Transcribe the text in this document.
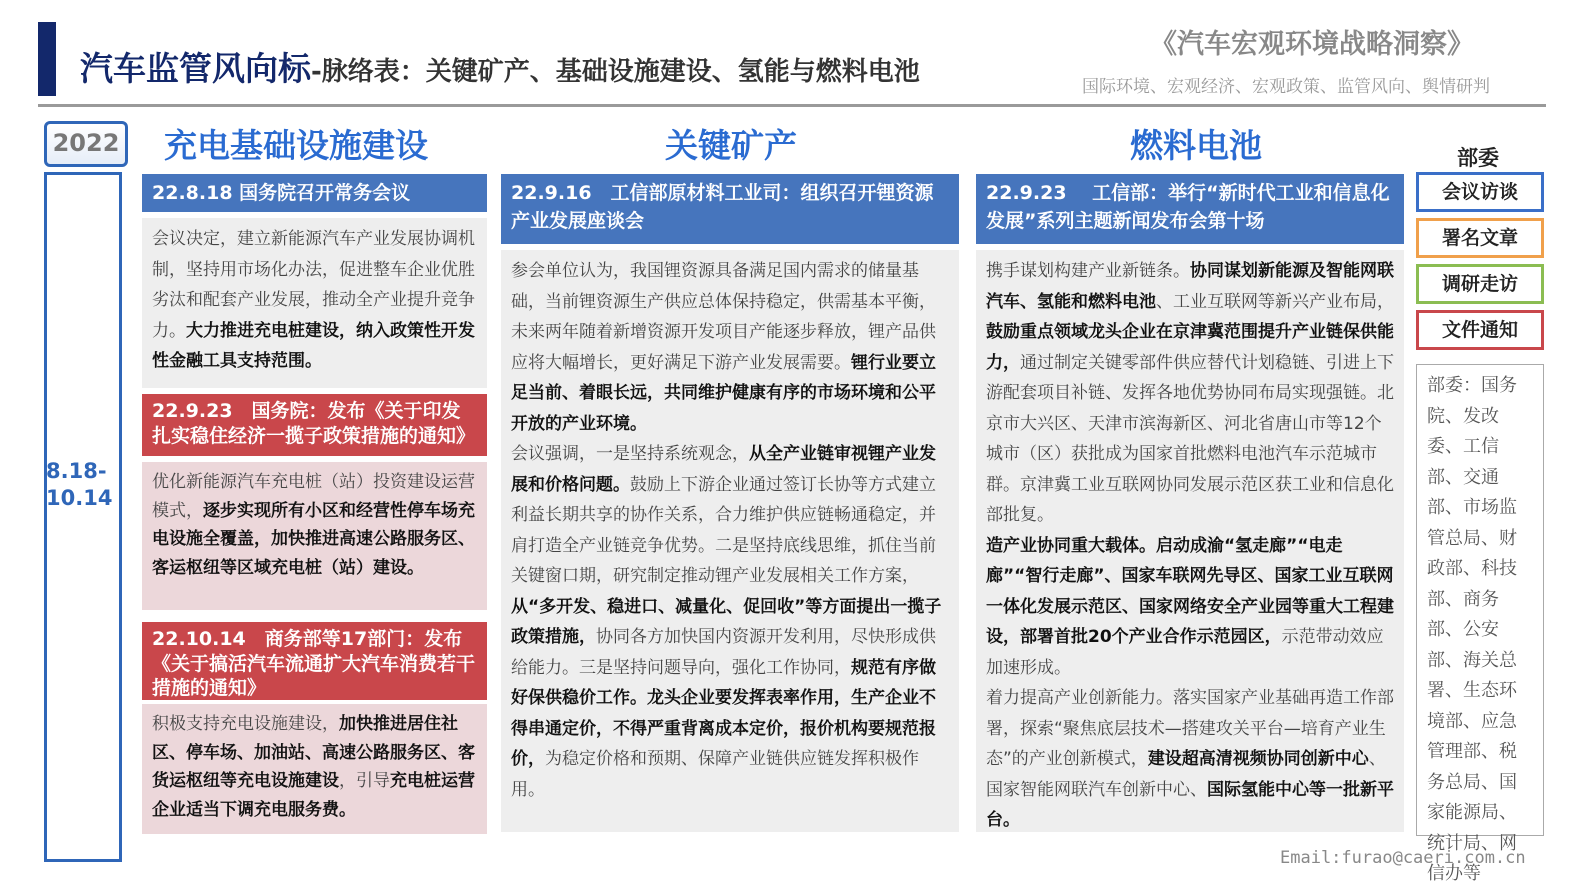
汽车监管风向标-脉络表：关键矿产、基础设施建设、氢能与燃料电池
《汽车宏观环境战略洞察》
国际环境、宏观经济、宏观政策、监管风向、舆情研判
2022
8.18-10.14
充电基础设施建设
22.8.18 国务院召开常务会议

会议决定，建立新能源汽车产业发展协调机制，坚持用市场化办法，促进整车企业优胜劣汰和配套产业发展，推动全产业提升竞争力。大力推进充电桩建设，纳入政策性开发性金融工具支持范围。

22.9.23　国务院：发布《关于印发扎实稳住经济一揽子政策措施的通知》

优化新能源汽车充电桩（站）投资建设运营模式，逐步实现所有小区和经营性停车场充电设施全覆盖，加快推进高速公路服务区、客运枢纽等区域充电桩（站）建设。

22.10.14　商务部等17部门：发布《关于搞活汽车流通扩大汽车消费若干措施的通知》

积极支持充电设施建设，加快推进居住社区、停车场、加油站、高速公路服务区、客货运枢纽等充电设施建设，引导充电桩运营企业适当下调充电服务费。

关键矿产
22.9.16　工信部原材料工业司：组织召开锂资源产业发展座谈会

参会单位认为，我国锂资源具备满足国内需求的储量基础，当前锂资源生产供应总体保持稳定，供需基本平衡，未来两年随着新增资源开发项目产能逐步释放，锂产品供应将大幅增长，更好满足下游产业发展需要。锂行业要立足当前、着眼长远，共同维护健康有序的市场环境和公平开放的产业环境。

会议强调，一是坚持系统观念，从全产业链审视锂产业发展和价格问题。鼓励上下游企业通过签订长协等方式建立利益长期共享的协作关系，合力维护供应链畅通稳定，并肩打造全产业链竞争优势。二是坚持底线思维，抓住当前关键窗口期，研究制定推动锂产业发展相关工作方案，从“多开发、稳进口、减量化、促回收”等方面提出一揽子政策措施，协同各方加快国内资源开发利用，尽快形成供给能力。三是坚持问题导向，强化工作协同，规范有序做好保供稳价工作。龙头企业要发挥表率作用，生产企业不得串通定价，不得严重背离成本定价，报价机构要规范报价，为稳定价格和预期、保障产业链供应链发挥积极作用。

燃料电池
22.9.23　 工信部：举行“新时代工业和信息化发展”系列主题新闻发布会第十场

携手谋划构建产业新链条。协同谋划新能源及智能网联汽车、氢能和燃料电池、工业互联网等新兴产业布局，鼓励重点领域龙头企业在京津冀范围提升产业链保供能力，通过制定关键零部件供应替代计划稳链、引进上下游配套项目补链、发挥各地优势协同布局实现强链。北京市大兴区、天津市滨海新区、河北省唐山市等12个城市（区）获批成为国家首批燃料电池汽车示范城市群。京津冀工业互联网协同发展示范区获工业和信息化部批复。

造产业协同重大载体。启动成渝“氢走廊”“电走廊”“智行走廊”、国家车联网先导区、国家工业互联网一体化发展示范区、国家网络安全产业园等重大工程建设，部署首批20个产业合作示范园区，示范带动效应加速形成。

着力提高产业创新能力。落实国家产业基础再造工作部署，探索“聚焦底层技术—搭建攻关平台—培育产业生态”的产业创新模式，建设超高清视频协同创新中心、国家智能网联汽车创新中心、国际氢能中心等一批新平台。

部委
会议访谈
署名文章
调研走访
文件通知
部委：国务院、发改委、工信部、交通部、市场监管总局、财政部、科技部、商务部、公安部、海关总署、生态环境部、应急管理部、税务总局、国家能源局、统计局、网信办等
Email:furao@caeri.com.cn
